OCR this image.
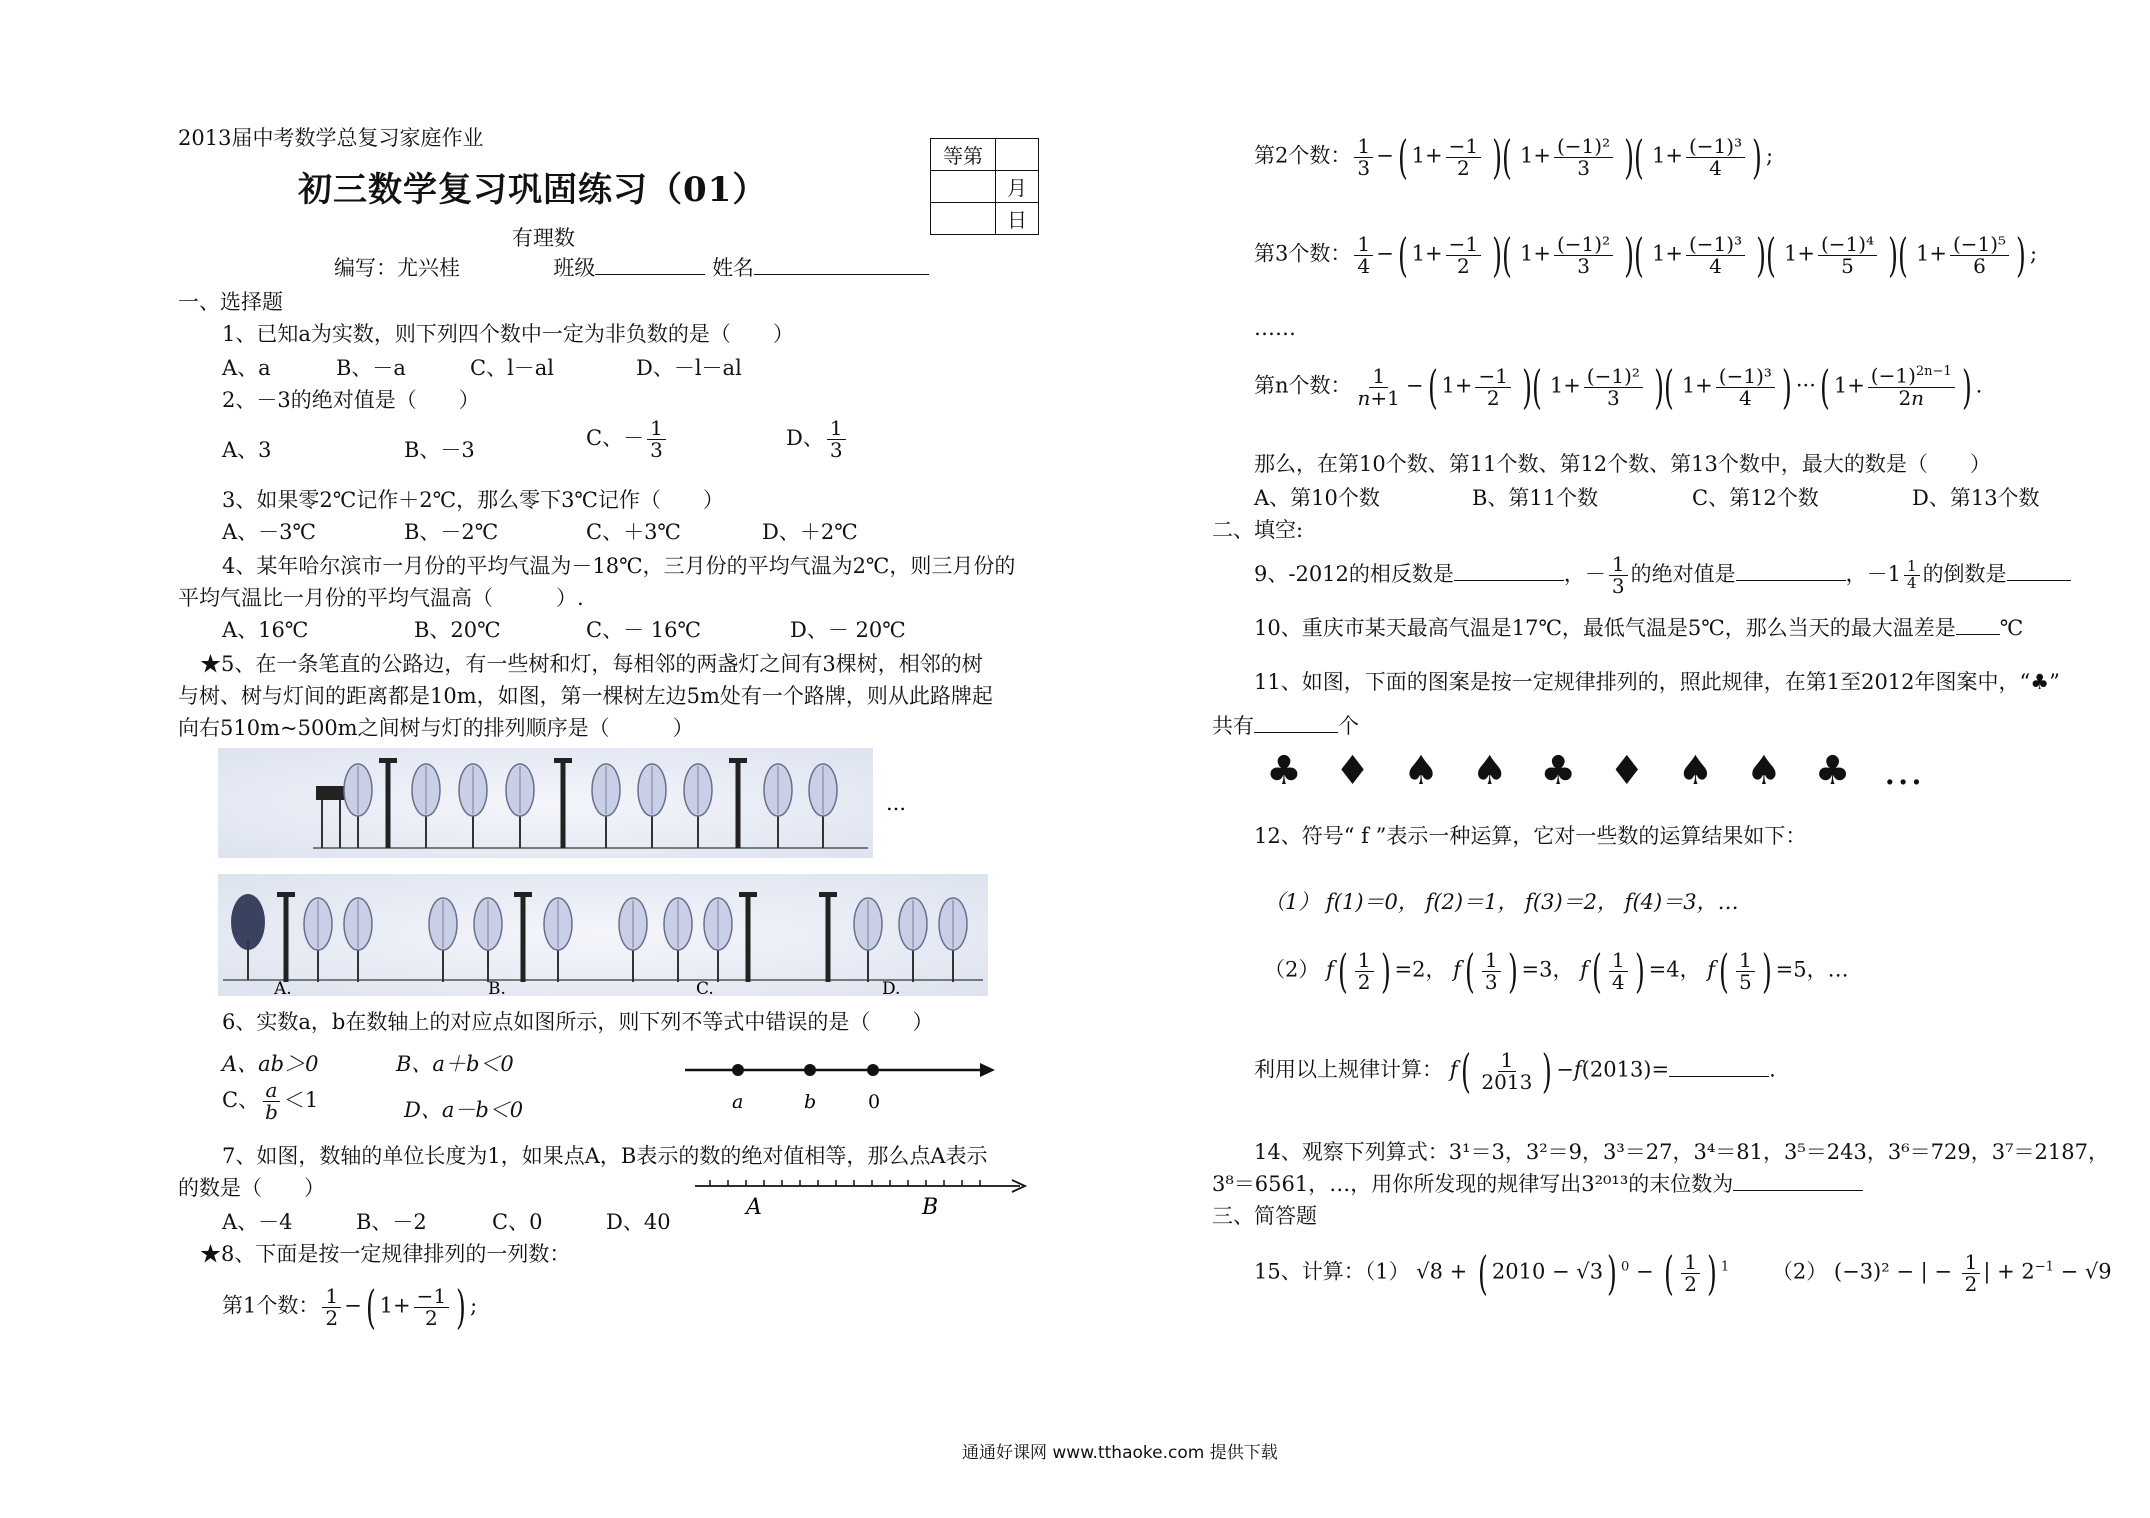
2013届中考数学总复习家庭作业
初三数学复习巩固练习（01）
有理数
编写：尤兴桂	班级	姓名
等第	
	月
	日
一、选择题
1、已知a为实数，则下列四个数中一定为非负数的是（　　）
A、a	B、－a	C、l－al	D、－l－al
2、－3的绝对值是（　　）
A、3	B、－3	C、－ $\frac{1}{3}$	D、 $\frac{1}{3}$
3、如果零2℃记作＋2℃，那么零下3℃记作（　　）
A、－3℃	B、－2℃	C、＋3℃	D、＋2℃
4、某年哈尔滨市一月份的平均气温为－18℃，三月份的平均气温为2℃，则三月份的
平均气温比一月份的平均气温高（　　　）.
A、16℃	B、20℃	C、－ 16℃	D、－ 20℃
★5、在一条笔直的公路边，有一些树和灯，每相邻的两盏灯之间有3棵树，相邻的树
与树、树与灯间的距离都是10m，如图，第一棵树左边5m处有一个路牌，则从此路牌起
向右510m~500m之间树与灯的排列顺序是（　　　）
…
A.	B.	C.	D.
6、实数a，b在数轴上的对应点如图所示，则下列不等式中错误的是（　　）
A、ab＞0	B、a＋b＜0
C、 $\frac{a}{b} <1$	D、a－b＜0	a	b	0
7、如图，数轴的单位长度为1，如果点A，B表示的数的绝对值相等，那么点A表示
的数是（　　）
A、－4	B、－2	C、0	D、40
A	B
★8、下面是按一定规律排列的一列数：
第1个数： $\frac{1}{2}$ −( $1+ \frac{-1}{2}$ ) ;
第2个数： $\frac{1}{3}$ −( $1+ \frac{-1}{2}$ )( $1+ \frac{\text{(−1)²}}{3}$ )( $1+ \frac{\text{(−1)³}}{4}$ ) ;
第3个数： $\frac{1}{4}$ −( $1+ \frac{-1}{2}$ )( $1+ \frac{\text{(−1)²}}{3}$ )( $1+ \frac{\text{(−1)³}}{4}$ )( $1+ \frac{\text{(−1)⁴}}{5}$ )( $1+ \frac{\text{(−1)⁵}}{6}$ ) ;
……
第n个数： $\frac{1}{n+1}$ −( $1+ \frac{-1}{2}$ )( $1+ \frac{\text{(−1)²}}{3}$ )( $1+ \frac{\text{(−1)³}}{4}$ ) ···( $1+ \frac{(-1)^{2n-1}}{2n}$ ) .
那么，在第10个数、第11个数、第12个数、第13个数中，最大的数是（　　）
A、第10个数	B、第11个数	C、第12个数	D、第13个数
二、填空:
9、-2012的相反数是	，－ $\frac{1}{3}$ 的绝对值是	，$-1 \frac{1}{4}$ 的倒数是
10、重庆市某天最高气温是17℃，最低气温是5℃，那么当天的最大温差是 ℃
11、如图，下面的图案是按一定规律排列的，照此规律，在第1至2012年图案中，“♣”
共有	个
♣ ♦ ♠ ♠ ♣ ♦ ♠ ♠ ♣ …
12、符号“ f ”表示一种运算，它对一些数的运算结果如下：
（1） f(1)＝0， f(2)＝1， f(3)＝2， f(4)＝3，…
（2） $f( \frac{1}{2}$ ) =2， $f( \frac{1}{3}$ ) =3， $f( \frac{1}{4}$ ) =4， $f( \frac{1}{5}$ ) =5，…
利用以上规律计算： $f( \frac{1}{2013}$ ) −f(2013)=	.
14、观察下列算式：3¹＝3，3²＝9，3³＝27，3⁴＝81，3⁵＝243，3⁶＝729，3⁷＝2187，
3⁸＝6561，…，用你所发现的规律写出3²⁰¹³的末位数为
三、简答题
15、计算：（1） √8 + ( 2010 − √3) $^0$ − ( $\frac{1}{2}$ ) $^1$ （2） (−3)² − | − $\frac{1}{2}$ | + $2^{-1} - √9$
通通好课网 www.tthaoke.com 提供下载
